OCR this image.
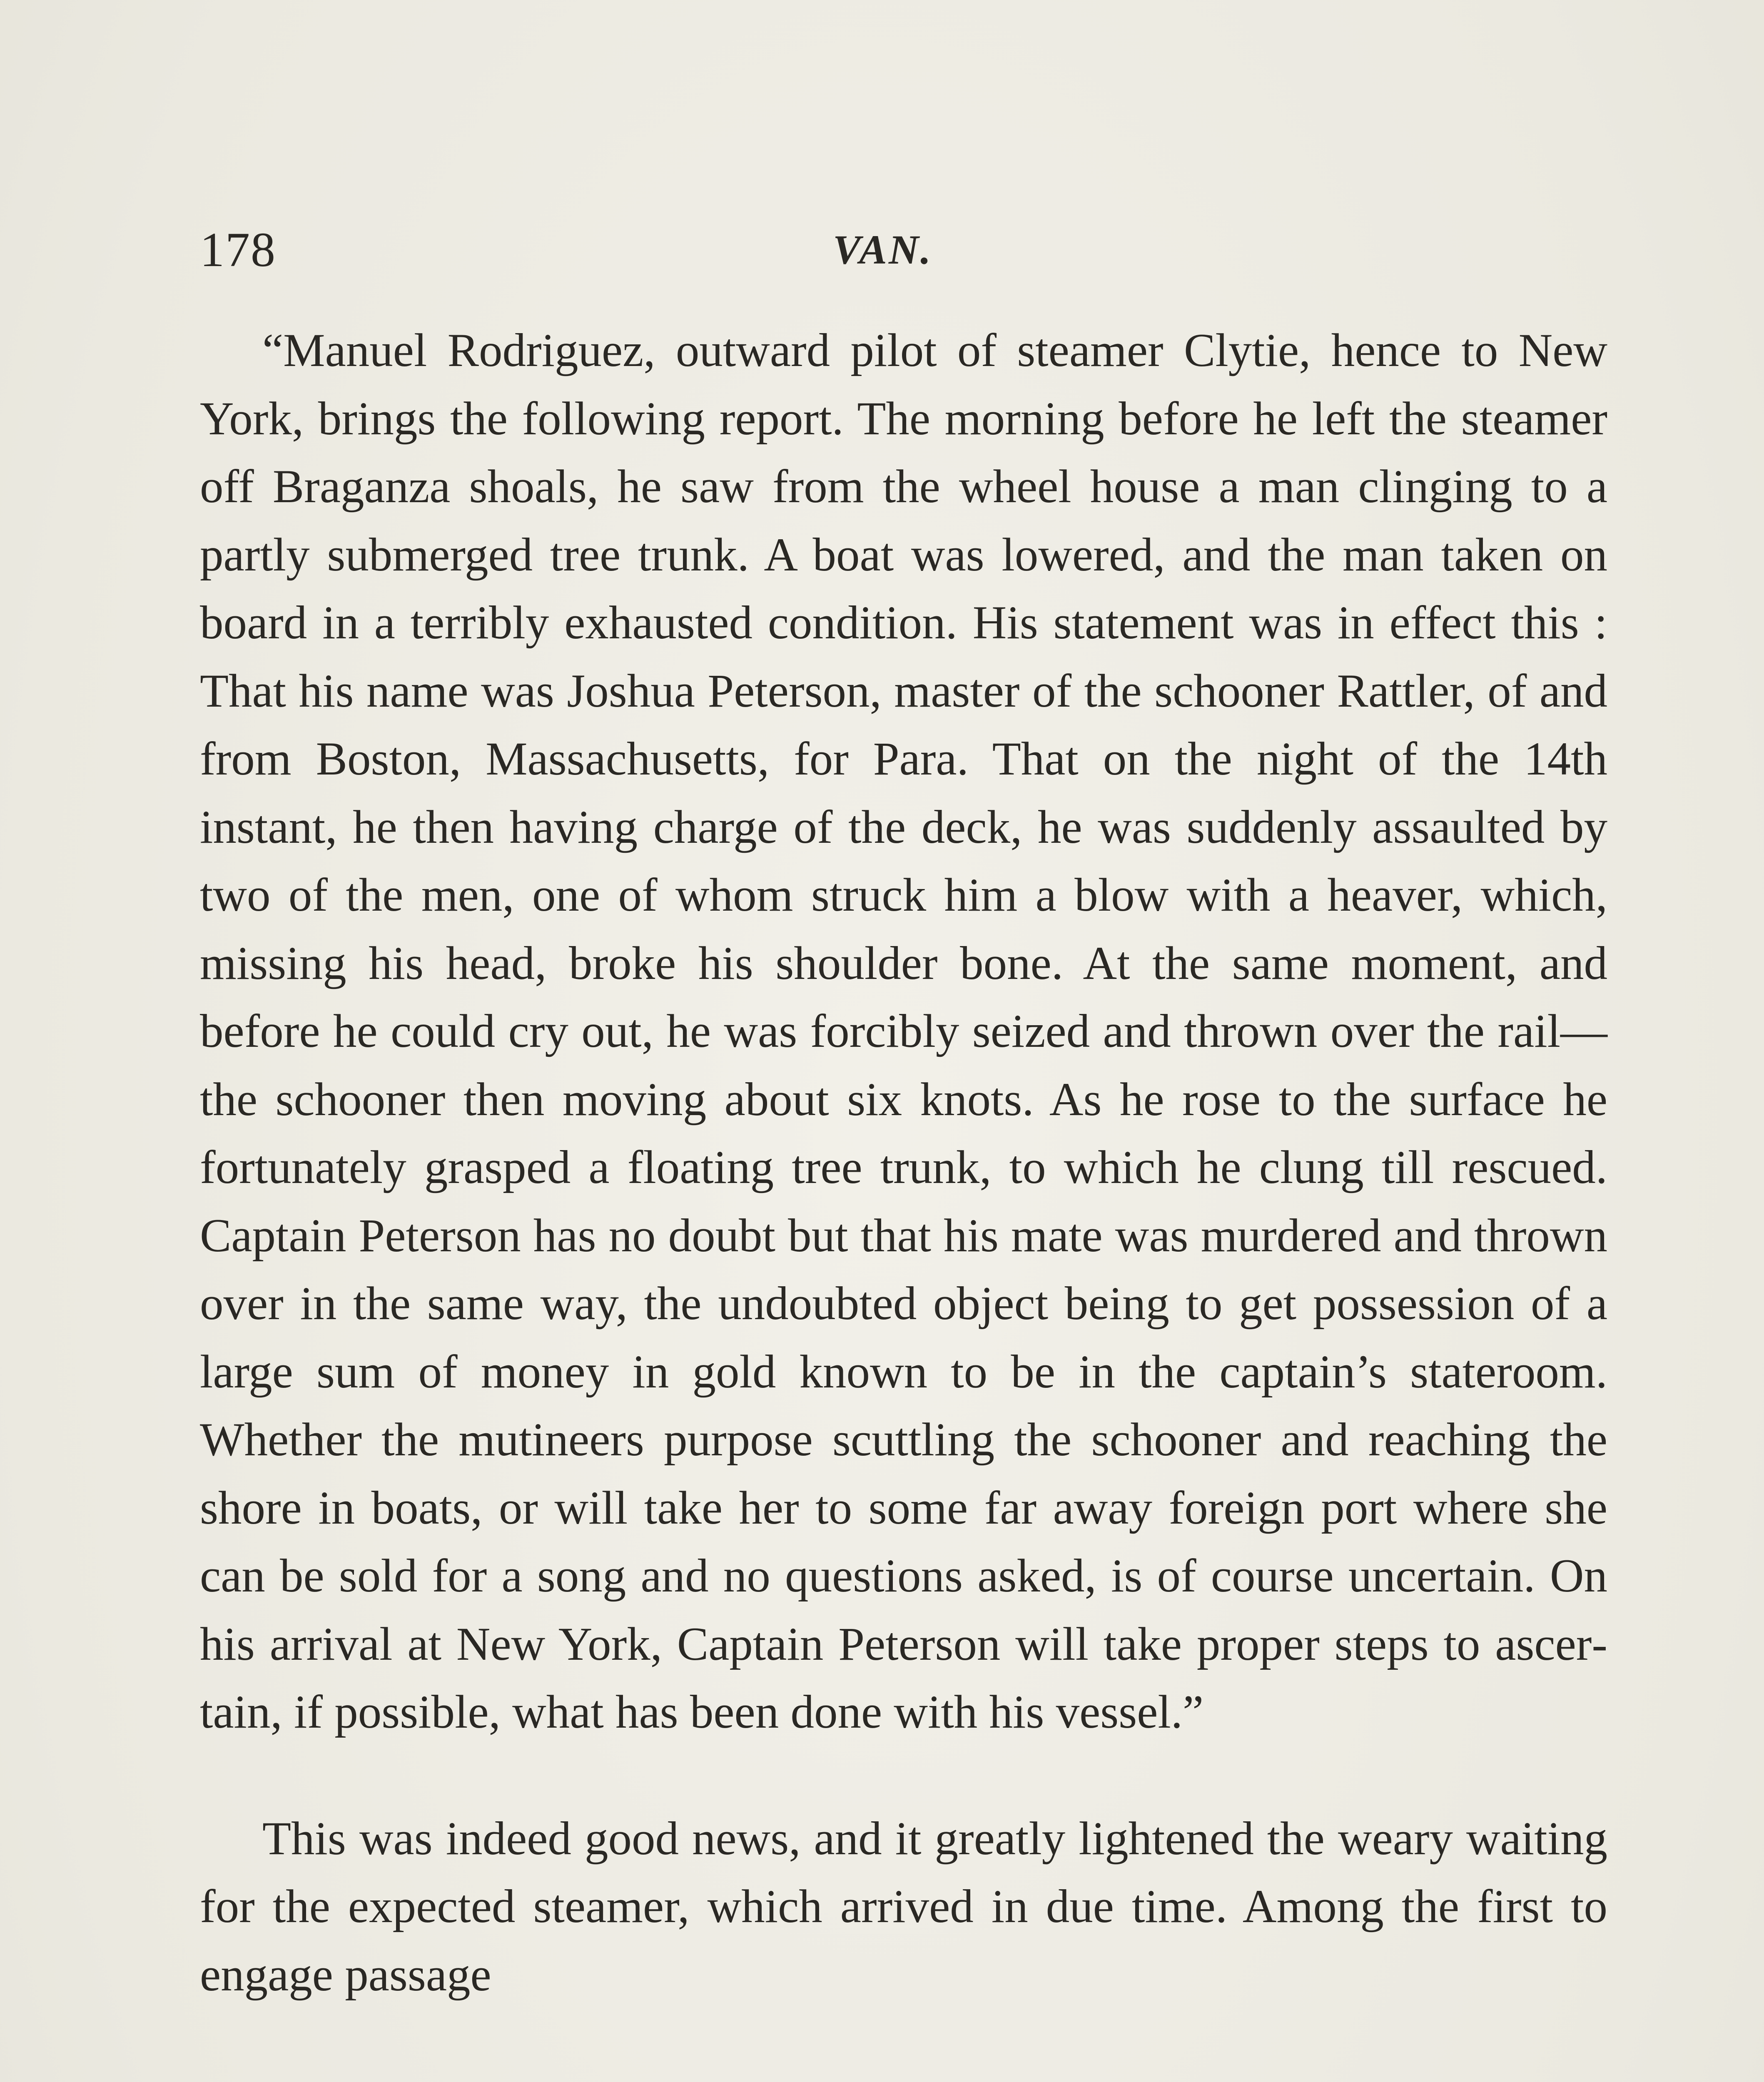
178	VAN.

“Manuel Rodriguez, outward pilot of steamer Clytie, hence to New York, brings the following report. The morning before he left the steamer off Braganza shoals, he saw from the wheel house a man clinging to a partly submerged tree trunk. A boat was lowered, and the man taken on board in a terribly exhausted condition. His statement was in effect this : That his name was Joshua Peterson, master of the schooner Rattler, of and from Boston, Massachusetts, for Para. That on the night of the 14th instant, he then having charge of the deck, he was suddenly assaulted by two of the men, one of whom struck him a blow with a heaver, which, missing his head, broke his shoulder bone. At the same moment, and before he could cry out, he was forcibly seized and thrown over the rail—the schooner then moving about six knots. As he rose to the surface he fortunately grasped a floating tree trunk, to which he clung till rescued. Captain Peterson has no doubt but that his mate was murdered and thrown over in the same way, the undoubted object being to get possession of a large sum of money in gold known to be in the captain’s stateroom. Whether the mutineers purpose scuttling the schooner and reaching the shore in boats, or will take her to some far away foreign port where she can be sold for a song and no questions asked, is of course uncertain. On his arrival at New York, Captain Peterson will take proper steps to ascertain, if possible, what has been done with his vessel.”

This was indeed good news, and it greatly lightened the weary waiting for the expected steamer, which arrived in due time. Among the first to engage passage
